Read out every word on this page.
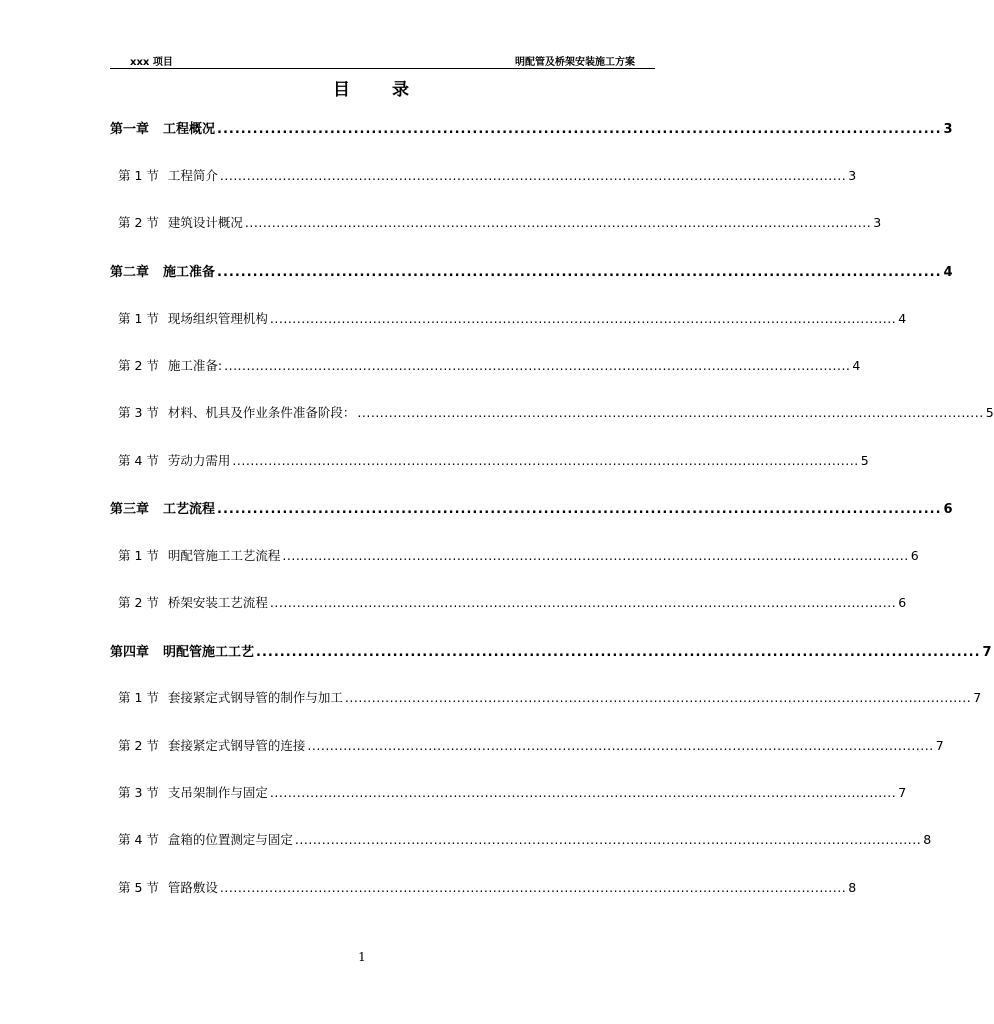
xxx 项目	明配管及桥架安装施工方案
目 录
第一章 工程概况 .......................................................................................................................... 3
第 1 节 工程简介 ............................................................................................................................................ 3
第 2 节 建筑设计概况 ............................................................................................................................................ 3
第二章 施工准备 .......................................................................................................................... 4
第 1 节 现场组织管理机构 ............................................................................................................................................ 4
第 2 节 施工准备: ............................................................................................................................................ 4
第 3 节 材料、机具及作业条件准备阶段： ............................................................................................................................................ 5
第 4 节 劳动力需用 ............................................................................................................................................ 5
第三章 工艺流程 .......................................................................................................................... 6
第 1 节 明配管施工工艺流程 ............................................................................................................................................ 6
第 2 节 桥架安装工艺流程 ............................................................................................................................................ 6
第四章 明配管施工工艺 .......................................................................................................................... 7
第 1 节 套接紧定式钢导管的制作与加工 ............................................................................................................................................ 7
第 2 节 套接紧定式钢导管的连接 ............................................................................................................................................ 7
第 3 节 支吊架制作与固定 ............................................................................................................................................ 7
第 4 节 盒箱的位置测定与固定 ............................................................................................................................................ 8
第 5 节 管路敷设 ............................................................................................................................................ 8
1
